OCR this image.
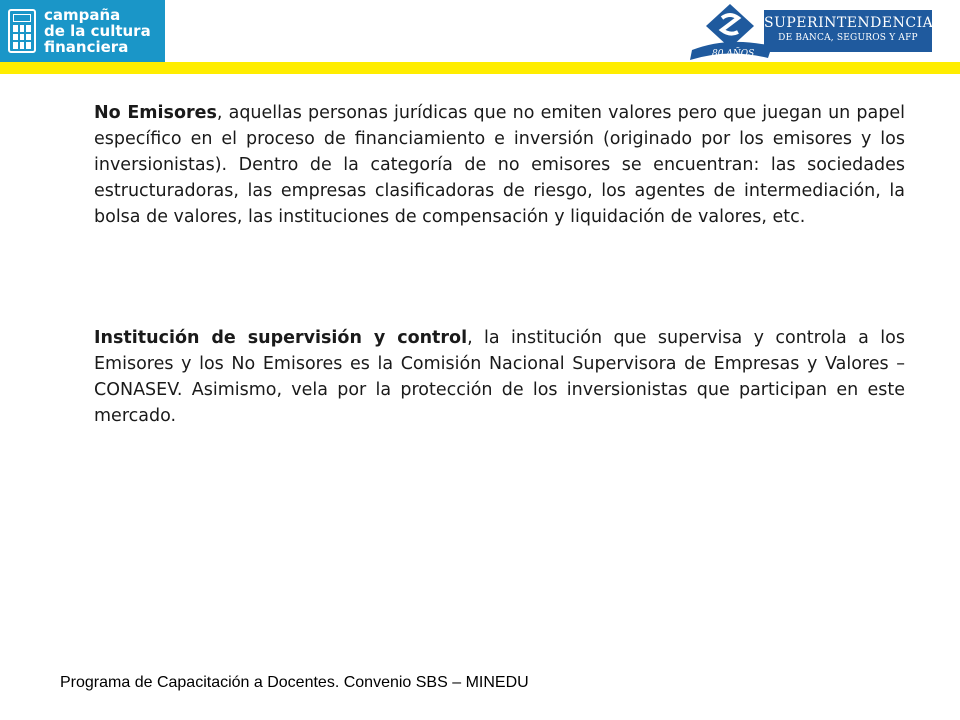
campaña
de la cultura
financiera	80 AÑOS
SUPERINTENDENCIA
DE BANCA, SEGUROS Y AFP
No Emisores, aquellas personas jurídicas que no emiten valores pero que juegan un papel específico en el proceso de financiamiento e inversión (originado por los emisores y los inversionistas). Dentro de la categoría de no emisores se encuentran: las sociedades estructuradoras, las empresas clasificadoras de riesgo, los agentes de intermediación, la bolsa de valores, las instituciones de compensación y liquidación de valores, etc.
Institución de supervisión y control, la institución que supervisa y controla a los Emisores y los No Emisores es la Comisión Nacional Supervisora de Empresas y Valores – CONASEV. Asimismo, vela por la protección de los inversionistas que participan en este mercado.
Programa de Capacitación a Docentes. Convenio SBS – MINEDU
